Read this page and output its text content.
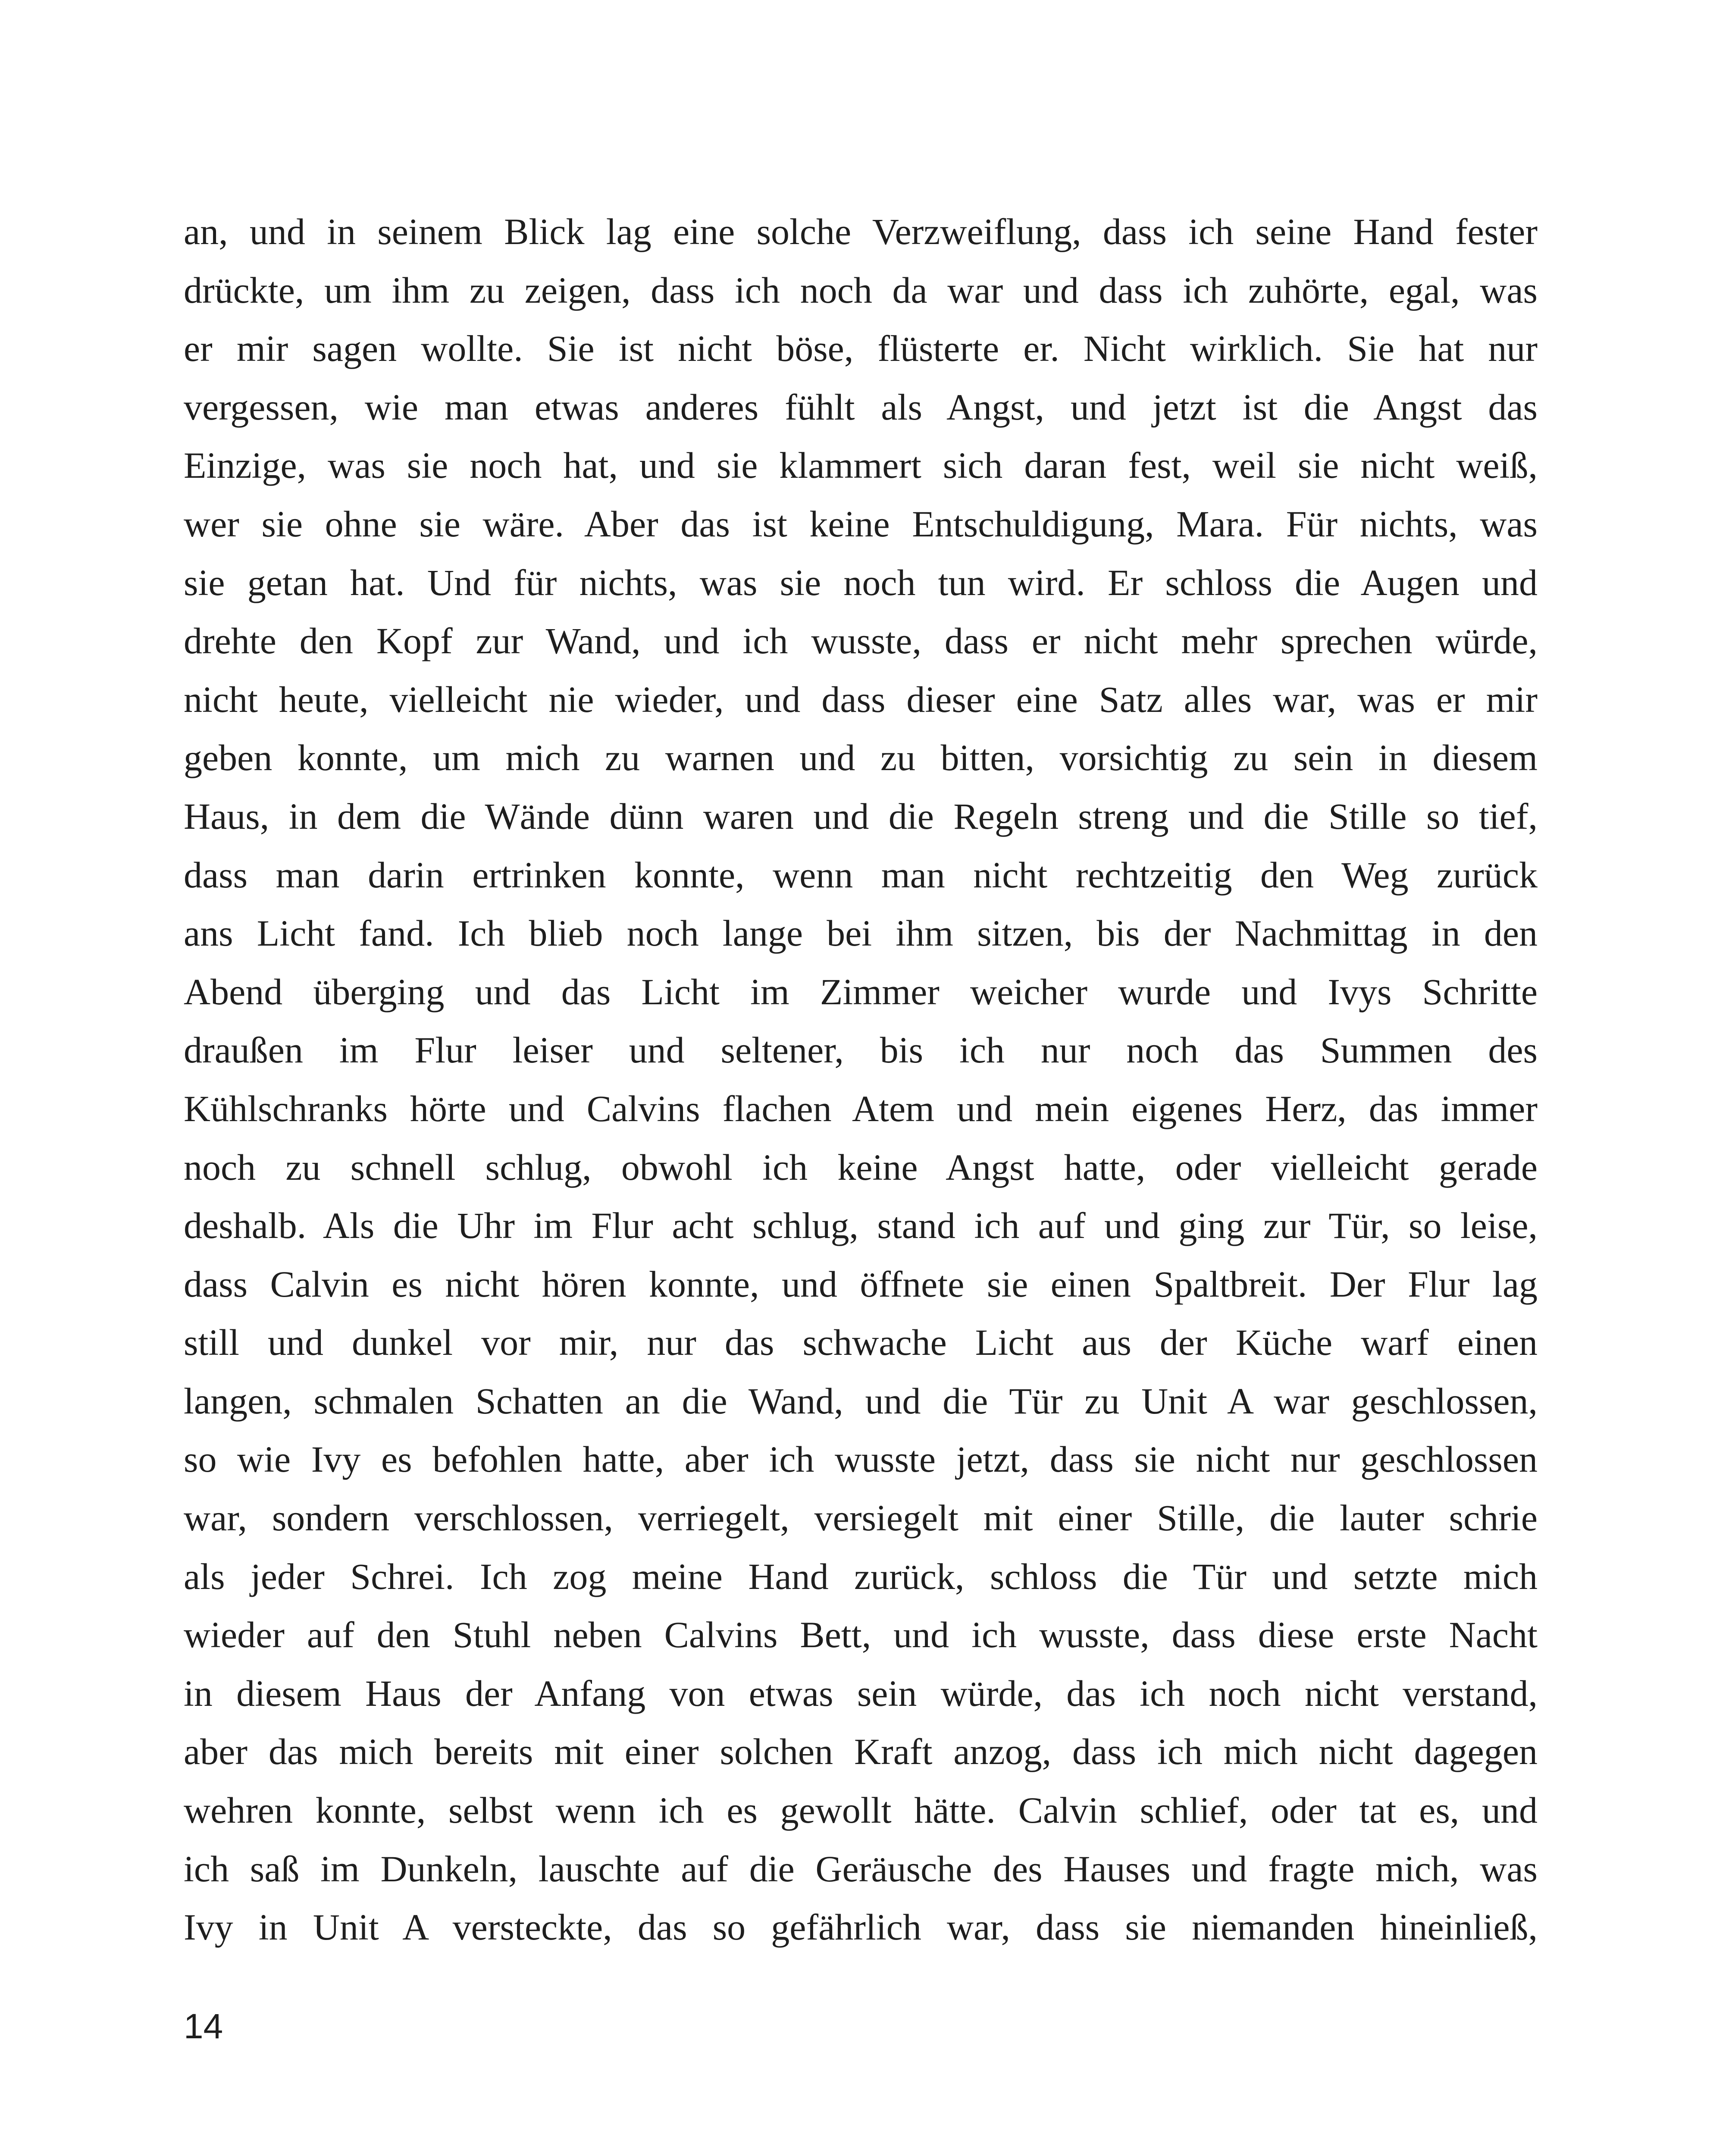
an, und in seinem Blick lag eine solche Verzweiflung, dass ich seine Hand fester
drückte, um ihm zu zeigen, dass ich noch da war und dass ich zuhörte, egal, was
er mir sagen wollte. Sie ist nicht böse, flüsterte er. Nicht wirklich. Sie hat nur
vergessen, wie man etwas anderes fühlt als Angst, und jetzt ist die Angst das
Einzige, was sie noch hat, und sie klammert sich daran fest, weil sie nicht weiß,
wer sie ohne sie wäre. Aber das ist keine Entschuldigung, Mara. Für nichts, was
sie getan hat. Und für nichts, was sie noch tun wird. Er schloss die Augen und
drehte den Kopf zur Wand, und ich wusste, dass er nicht mehr sprechen würde,
nicht heute, vielleicht nie wieder, und dass dieser eine Satz alles war, was er mir
geben konnte, um mich zu warnen und zu bitten, vorsichtig zu sein in diesem
Haus, in dem die Wände dünn waren und die Regeln streng und die Stille so tief,
dass man darin ertrinken konnte, wenn man nicht rechtzeitig den Weg zurück
ans Licht fand. Ich blieb noch lange bei ihm sitzen, bis der Nachmittag in den
Abend überging und das Licht im Zimmer weicher wurde und Ivys Schritte
draußen im Flur leiser und seltener, bis ich nur noch das Summen des
Kühlschranks hörte und Calvins flachen Atem und mein eigenes Herz, das immer
noch zu schnell schlug, obwohl ich keine Angst hatte, oder vielleicht gerade
deshalb. Als die Uhr im Flur acht schlug, stand ich auf und ging zur Tür, so leise,
dass Calvin es nicht hören konnte, und öffnete sie einen Spaltbreit. Der Flur lag
still und dunkel vor mir, nur das schwache Licht aus der Küche warf einen
langen, schmalen Schatten an die Wand, und die Tür zu Unit A war geschlossen,
so wie Ivy es befohlen hatte, aber ich wusste jetzt, dass sie nicht nur geschlossen
war, sondern verschlossen, verriegelt, versiegelt mit einer Stille, die lauter schrie
als jeder Schrei. Ich zog meine Hand zurück, schloss die Tür und setzte mich
wieder auf den Stuhl neben Calvins Bett, und ich wusste, dass diese erste Nacht
in diesem Haus der Anfang von etwas sein würde, das ich noch nicht verstand,
aber das mich bereits mit einer solchen Kraft anzog, dass ich mich nicht dagegen
wehren konnte, selbst wenn ich es gewollt hätte. Calvin schlief, oder tat es, und
ich saß im Dunkeln, lauschte auf die Geräusche des Hauses und fragte mich, was
Ivy in Unit A versteckte, das so gefährlich war, dass sie niemanden hineinließ,
14
